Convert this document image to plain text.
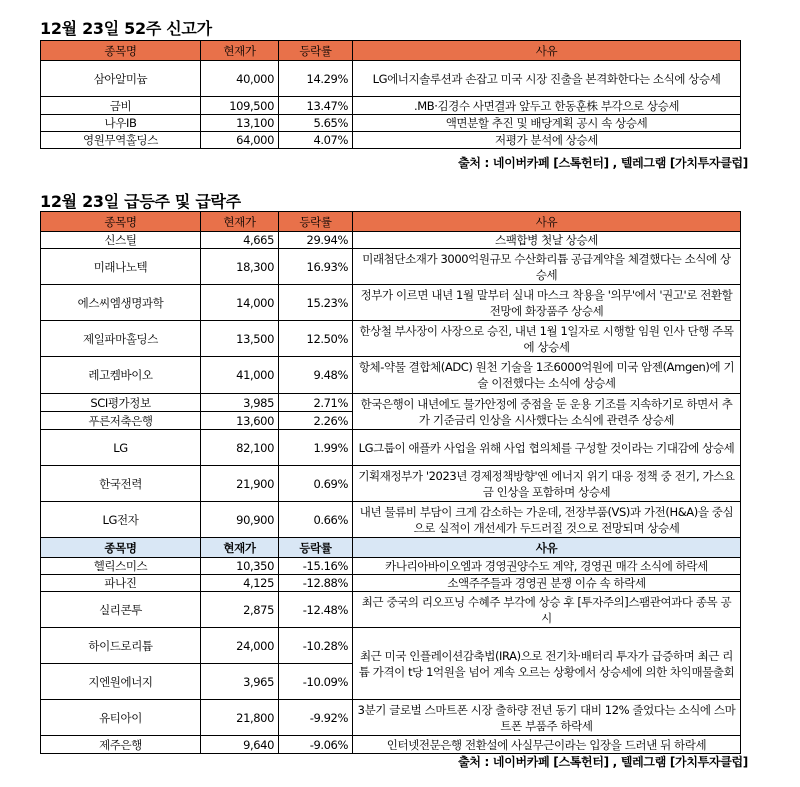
12월 23일 52주 신고가
종목명	현재가	등락률	사유
삼아알미늄	40,000	14.29%	LG에너지솔루션과 손잡고 미국 시장 진출을 본격화한다는 소식에 상승세
금비	109,500	13.47%	.MB·김경수 사면결과 앞두고 한동훈株 부각으로 상승세
나우IB	13,100	5.65%	액면분할 추진 및 배당계획 공시 속 상승세
영원무역홀딩스	64,000	4.07%	저평가 분석에 상승세
출처 : 네이버카페 [스톡헌터] , 텔레그램 [가치투자클럽]
12월 23일 급등주 및 급락주
종목명	현재가	등락률	사유
신스틸	4,665	29.94%	스팩합병 첫날 상승세
미래나노텍	18,300	16.93%	미래첨단소재가 3000억원규모 수산화리튬 공급계약을 체결했다는 소식에 상승세
에스씨엠생명과학	14,000	15.23%	정부가 이르면 내년 1월 말부터 실내 마스크 착용을 '의무'에서 '권고'로 전환할 전망에 화장품주 상승세
제일파마홀딩스	13,500	12.50%	한상철 부사장이 사장으로 승진, 내년 1월 1일자로 시행할 임원 인사 단행 주목에 상승세
레고켐바이오	41,000	9.48%	항체-약물 결합체(ADC) 원천 기술을 1조6000억원에 미국 암젠(Amgen)에 기술 이전했다는 소식에 상승세
SCI평가정보	3,985	2.71%	한국은행이 내년에도 물가안정에 중점을 둔 운용 기조를 지속하기로 하면서 추가 기준금리 인상을 시사했다는 소식에 관련주 상승세
푸른저축은행	13,600	2.26%	
LG	82,100	1.99%	LG그룹이 애플카 사업을 위해 사업 협의체를 구성할 것이라는 기대감에 상승세
한국전력	21,900	0.69%	기획재정부가 '2023년 경제정책방향'엔 에너지 위기 대응 정책 중 전기, 가스요금 인상을 포함하며 상승세
LG전자	90,900	0.66%	내년 물류비 부담이 크게 감소하는 가운데, 전장부품(VS)과 가전(H&A)을 중심으로 실적이 개선세가 두드러질 것으로 전망되며 상승세
종목명	현재가	등락률	사유
헬릭스미스	10,350	-15.16%	카나리아바이오엠과 경영권양수도 계약, 경영권 매각 소식에 하락세
파나진	4,125	-12.88%	소액주주들과 경영권 분쟁 이슈 속 하락세
실리콘투	2,875	-12.48%	최근 중국의 리오프닝 수혜주 부각에 상승 후 [투자주의]스팸관여과다 종목 공시
하이드로리튬	24,000	-10.28%	최근 미국 인플레이션감축법(IRA)으로 전기차·배터리 투자가 급증하며 최근 리튬 가격이 t당 1억원을 넘어 계속 오르는 상황에서 상승세에 의한 차익매물출회
지엔원에너지	3,965	-10.09%	
유티아이	21,800	-9.92%	3분기 글로벌 스마트폰 시장 출하량 전년 동기 대비 12% 줄었다는 소식에 스마트폰 부품주 하락세
제주은행	9,640	-9.06%	인터넷전문은행 전환설에 사실무근이라는 입장을 드러낸 뒤 하락세
출처 : 네이버카페 [스톡헌터] , 텔레그램 [가치투자클럽]
